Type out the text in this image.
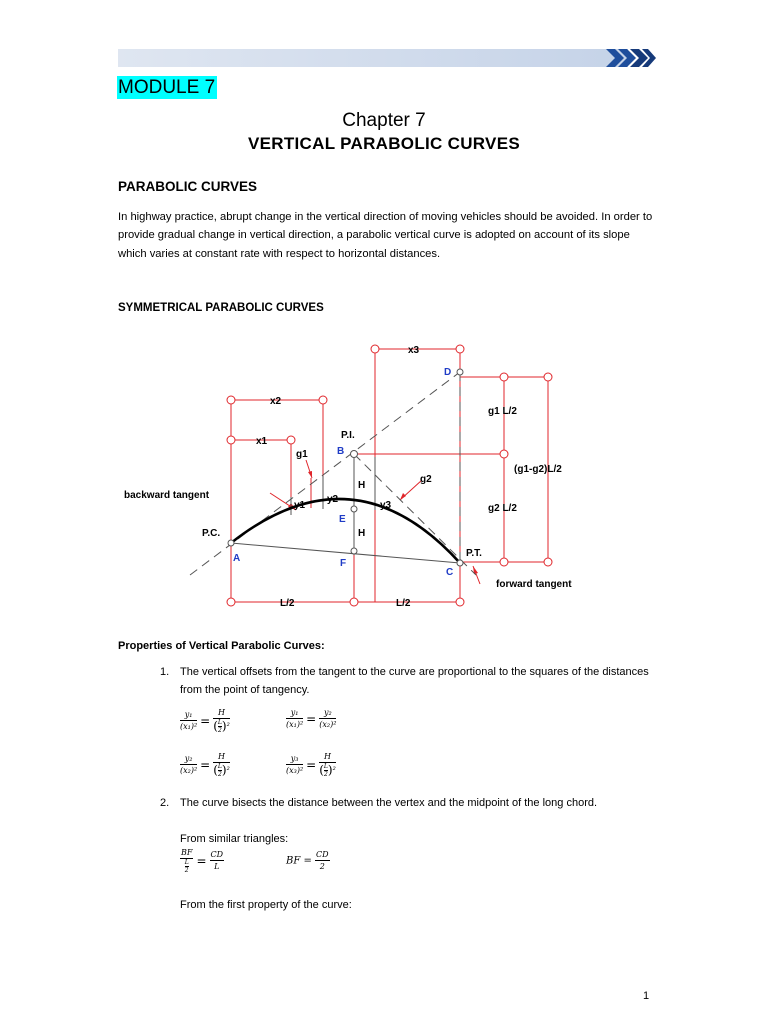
MODULE 7
Chapter 7
VERTICAL PARABOLIC CURVES
PARABOLIC CURVES
In highway practice, abrupt change in the vertical direction of moving vehicles should be avoided. In order to provide gradual change in vertical direction, a parabolic vertical curve is adopted on account of its slope which varies at constant rate with respect to horizontal distances.
SYMMETRICAL PARABOLIC CURVES
x3
x2
x1
P.I.
g1
g2
H
H
y1
y2
y3
g1 L/2
(g1-g2)L/2
g2 L/2
backward tangent
forward tangent
P.C.
P.T.
L/2	L/2
B
D
E
F
A
C
Properties of Vertical Parabolic Curves:
1. The vertical offsets from the tangent to the curve are proportional to the squares of the distances from the point of tangency.
$\frac{\text{y₁}}{\text{(x₁)²}} = \frac{H}{( \frac{L}{2} )^2}$	$\frac{\text{y₁}}{\text{(x₁)²}} = \frac{\text{y₂}}{\text{(x₂)²}}$
$\frac{\text{y₂}}{\text{(x₂)²}} = \frac{H}{( \frac{L}{2} )^2}$	$\frac{\text{y₃}}{\text{(x₃)²}} = \frac{H}{( \frac{L}{2} )^2}$
2. The curve bisects the distance between the vertex and the midpoint of the long chord.
From similar triangles:
$\frac{BF}{\frac{L}{2}} = \frac{CD}{L}$	BF = $\frac{CD}{2}$
From the first property of the curve:
1
